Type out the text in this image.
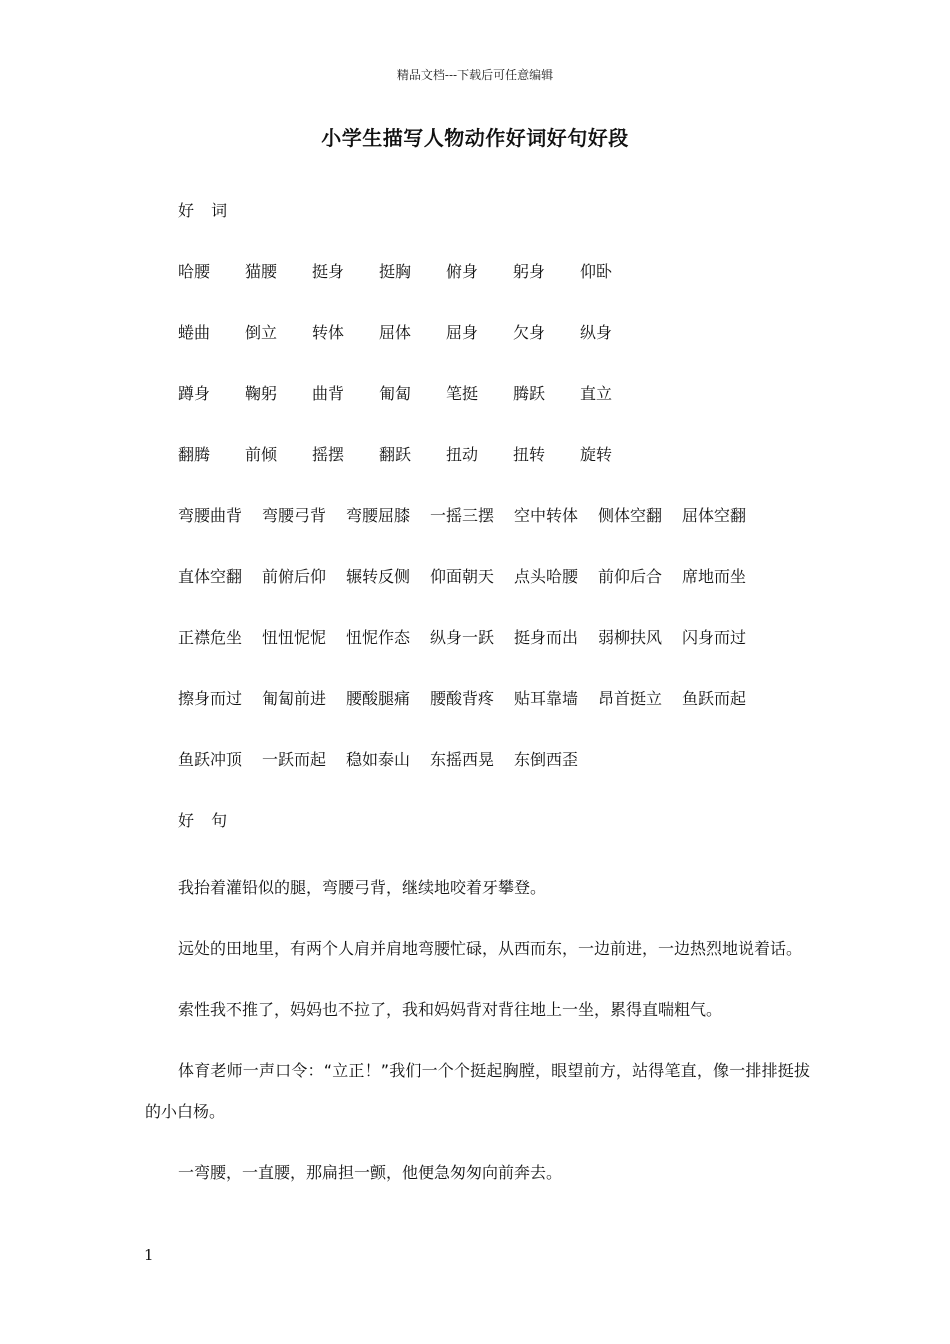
精品文档---下载后可任意编辑
小学生描写人物动作好词好句好段
好 词
哈腰 猫腰 挺身 挺胸 俯身 躬身 仰卧
蜷曲 倒立 转体 屈体 屈身 欠身 纵身
蹲身 鞠躬 曲背 匍匐 笔挺 腾跃 直立
翻腾 前倾 摇摆 翻跃 扭动 扭转 旋转
弯腰曲背 弯腰弓背 弯腰屈膝 一摇三摆 空中转体 侧体空翻 屈体空翻
直体空翻 前俯后仰 辗转反侧 仰面朝天 点头哈腰 前仰后合 席地而坐
正襟危坐 忸忸怩怩 忸怩作态 纵身一跃 挺身而出 弱柳扶风 闪身而过
擦身而过 匍匐前进 腰酸腿痛 腰酸背疼 贴耳靠墙 昂首挺立 鱼跃而起
鱼跃冲顶 一跃而起 稳如泰山 东摇西晃 东倒西歪
好 句
我抬着灌铅似的腿，弯腰弓背，继续地咬着牙攀登。
远处的田地里，有两个人肩并肩地弯腰忙碌，从西而东，一边前进，一边热烈地说着话。
索性我不推了，妈妈也不拉了，我和妈妈背对背往地上一坐，累得直喘粗气。
体育老师一声口令：“立正！”我们一个个挺起胸膛，眼望前方，站得笔直，像一排排挺拔的小白杨。
一弯腰，一直腰，那扁担一颤，他便急匆匆向前奔去。
1
